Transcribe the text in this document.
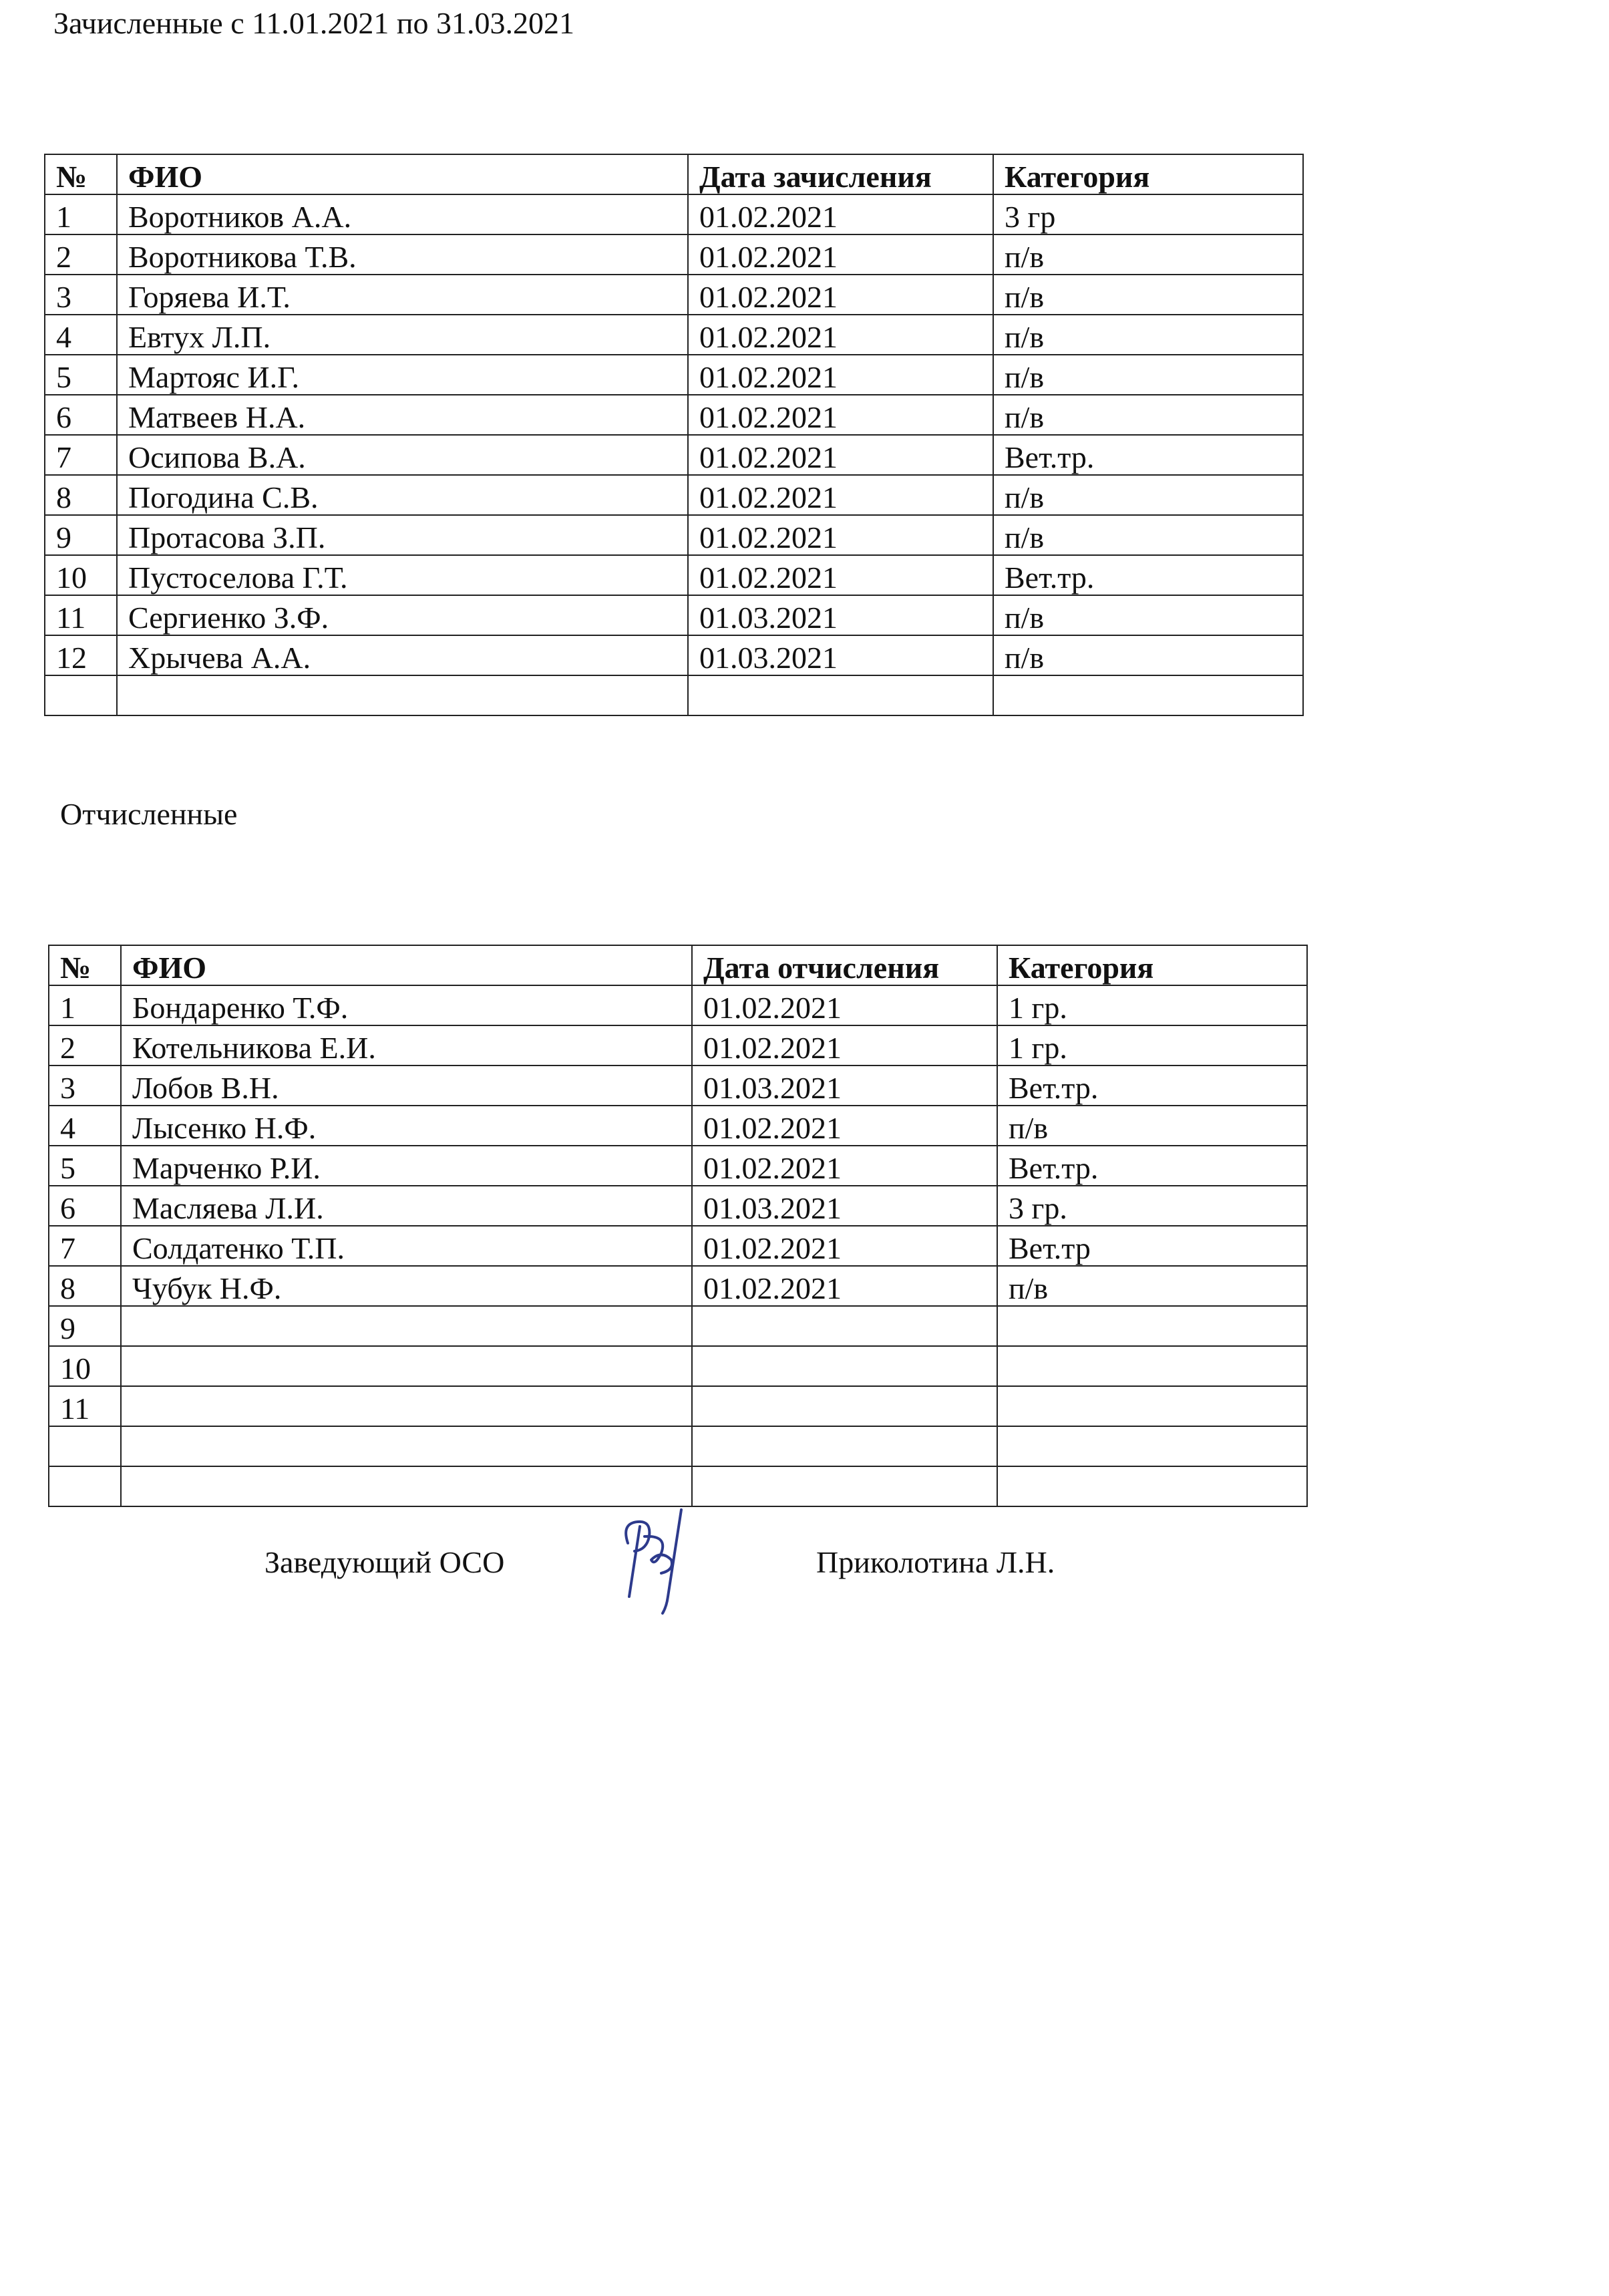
Зачисленные с 11.01.2021 по 31.03.2021
№	ФИО	Дата зачисления	Категория
1	Воротников А.А.	01.02.2021	3 гр
2	Воротникова Т.В.	01.02.2021	п/в
3	Горяева И.Т.	01.02.2021	п/в
4	Евтух Л.П.	01.02.2021	п/в
5	Мартояс И.Г.	01.02.2021	п/в
6	Матвеев Н.А.	01.02.2021	п/в
7	Осипова В.А.	01.02.2021	Вет.тр.
8	Погодина С.В.	01.02.2021	п/в
9	Протасова З.П.	01.02.2021	п/в
10	Пустоселова Г.Т.	01.02.2021	Вет.тр.
11	Сергиенко З.Ф.	01.03.2021	п/в
12	Хрычева А.А.	01.03.2021	п/в

Отчисленные
№	ФИО	Дата отчисления	Категория
1	Бондаренко Т.Ф.	01.02.2021	1 гр.
2	Котельникова Е.И.	01.02.2021	1 гр.
3	Лобов В.Н.	01.03.2021	Вет.тр.
4	Лысенко Н.Ф.	01.02.2021	п/в
5	Марченко Р.И.	01.02.2021	Вет.тр.
6	Масляева Л.И.	01.03.2021	3 гр.
7	Солдатенко Т.П.	01.02.2021	Вет.тр
8	Чубук Н.Ф.	01.02.2021	п/в
9			
10			
11			

Заведующий ОСО	Приколотина Л.Н.
